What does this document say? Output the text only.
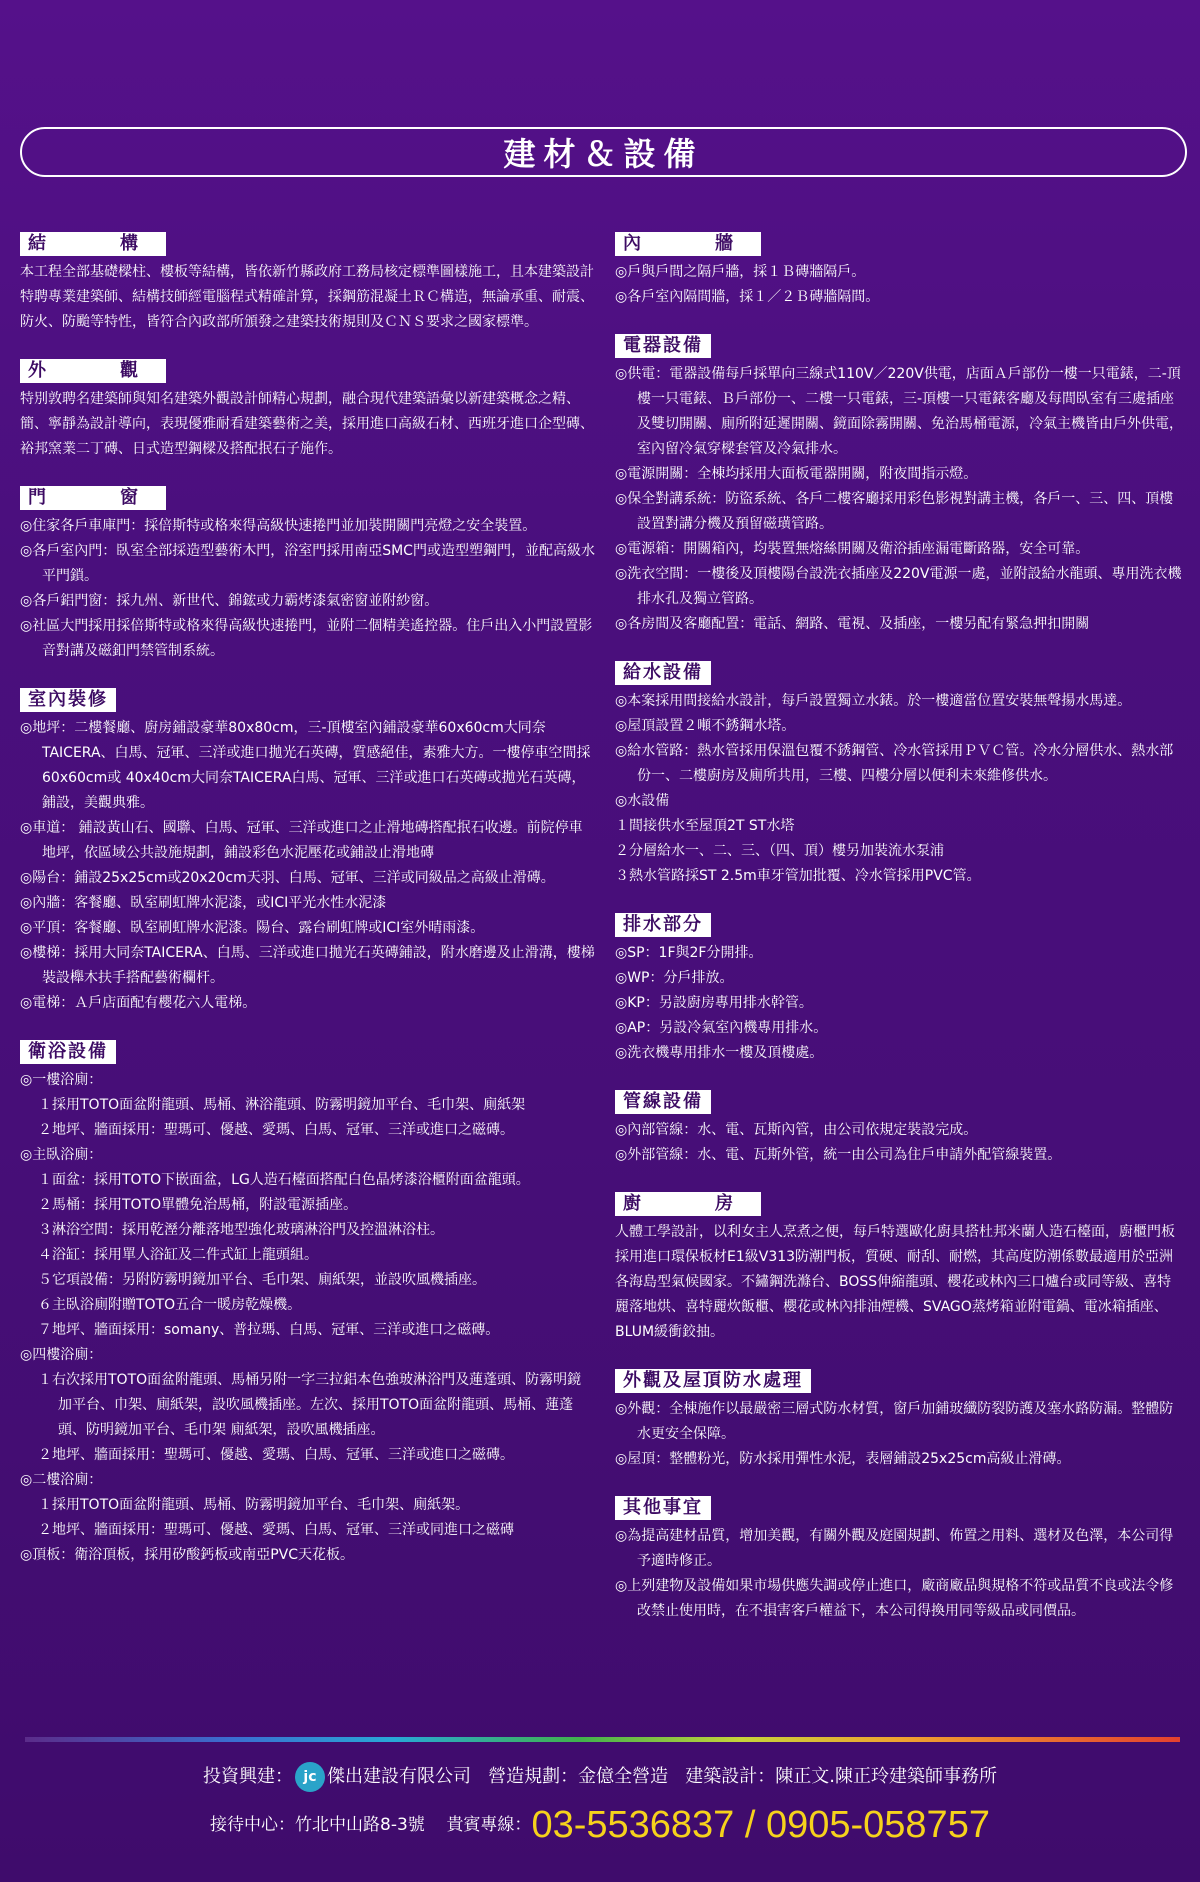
建材＆設備
結　構

本工程全部基礎樑柱、樓板等結構，皆依新竹縣政府工務局核定標準圖樣施工，且本建築設計特聘專業建築師、結構技師經電腦程式精確計算，採鋼筋混凝土ＲＣ構造，無論承重、耐震、防火、防颱等特性，皆符合內政部所頒發之建築技術規則及ＣＮＳ要求之國家標準。

外　觀

特別敦聘名建築師與知名建築外觀設計師精心規劃，融合現代建築語彙以新建築概念之精、簡、寧靜為設計導向，表現優雅耐看建築藝術之美，採用進口高級石材、西班牙進口企型磚、裕邦窯業二丁磚、日式造型鋼樑及搭配抿石子施作。

門　窗

◎住家各戶車庫門：採倍斯特或格來得高級快速捲門並加裝開關門亮燈之安全裝置。

◎各戶室內門：臥室全部採造型藝術木門，浴室門採用南亞SMC門或造型塑鋼門，並配高級水平門鎖。

◎各戶鋁門窗：採九州、新世代、錦鋐或力霸烤漆氣密窗並附紗窗。

◎社區大門採用採倍斯特或格來得高級快速捲門，並附二個精美遙控器。住戶出入小門設置影音對講及磁釦門禁管制系統。

室內裝修

◎地坪：二樓餐廳、廚房鋪設豪華80x80cm，三-頂樓室內鋪設豪華60x60cm大同奈TAICERA、白馬、冠軍、三洋或進口拋光石英磚，質感絕佳，素雅大方。一樓停車空間採60x60cm或 40x40cm大同奈TAICERA白馬、冠軍、三洋或進口石英磚或拋光石英磚，鋪設，美觀典雅。

◎車道： 鋪設黃山石、國聯、白馬、冠軍、三洋或進口之止滑地磚搭配抿石收邊。前院停車地坪，依區域公共設施規劃，鋪設彩色水泥壓花或鋪設止滑地磚

◎陽台：鋪設25x25cm或20x20cm天羽、白馬、冠軍、三洋或同級品之高級止滑磚。

◎內牆：客餐廳、臥室刷虹牌水泥漆，或ICI平光水性水泥漆

◎平頂：客餐廳、臥室刷虹牌水泥漆。陽台、露台刷虹牌或ICI室外晴雨漆。

◎樓梯：採用大同奈TAICERA、白馬、三洋或進口拋光石英磚鋪設，附水磨邊及止滑溝，樓梯裝設櫸木扶手搭配藝術欄杆。

◎電梯：Ａ戶店面配有櫻花六人電梯。

衛浴設備

◎一樓浴廁：

１採用TOTO面盆附龍頭、馬桶、淋浴龍頭、防霧明鏡加平台、毛巾架、廁紙架

２地坪、牆面採用：聖瑪可、優越、愛瑪、白馬、冠軍、三洋或進口之磁磚。

◎主臥浴廁：

１面盆：採用TOTO下嵌面盆，LG人造石檯面搭配白色晶烤漆浴櫃附面盆龍頭。

２馬桶：採用TOTO單體免治馬桶，附設電源插座。

３淋浴空間：採用乾溼分離落地型強化玻璃淋浴門及控溫淋浴柱。

４浴缸：採用單人浴缸及二件式缸上龍頭組。

５它項設備：另附防霧明鏡加平台、毛巾架、廁紙架，並設吹風機插座。

６主臥浴廁附贈TOTO五合一暖房乾燥機。

７地坪、牆面採用：somany、普拉瑪、白馬、冠軍、三洋或進口之磁磚。

◎四樓浴廁：

１右次採用TOTO面盆附龍頭、馬桶另附一字三拉鋁本色強玻淋浴門及蓮蓬頭、防霧明鏡加平台、巾架、廁紙架，設吹風機插座。左次、採用TOTO面盆附龍頭、馬桶、蓮蓬頭、防明鏡加平台、毛巾架 廁紙架，設吹風機插座。

２地坪、牆面採用：聖瑪可、優越、愛瑪、白馬、冠軍、三洋或進口之磁磚。

◎二樓浴廁：

１採用TOTO面盆附龍頭、馬桶、防霧明鏡加平台、毛巾架、廁紙架。

２地坪、牆面採用：聖瑪可、優越、愛瑪、白馬、冠軍、三洋或同進口之磁磚

◎頂板：衛浴頂板，採用矽酸鈣板或南亞PVC天花板。

內　牆

◎戶與戶間之隔戶牆，採１Ｂ磚牆隔戶。

◎各戶室內隔間牆，採１／２Ｂ磚牆隔間。

電器設備

◎供電：電器設備每戶採單向三線式110V／220V供電，店面Ａ戶部份一樓一只電錶，二-頂樓一只電錶、Ｂ戶部份一、二樓一只電錶，三-頂樓一只電錶客廳及每間臥室有三處插座及雙切開關、廁所附延遲開關、鏡面除霧開關、免治馬桶電源，冷氣主機皆由戶外供電，室內留冷氣穿樑套管及冷氣排水。

◎電源開關：全棟均採用大面板電器開關，附夜間指示燈。

◎保全對講系統：防盜系統、各戶二樓客廳採用彩色影視對講主機，各戶一、三、四、頂樓設置對講分機及預留磁璜管路。

◎電源箱：開關箱內，均裝置無熔絲開關及衛浴插座漏電斷路器，安全可靠。

◎洗衣空間：一樓後及頂樓陽台設洗衣插座及220V電源一處，並附設給水龍頭、專用洗衣機排水孔及獨立管路。

◎各房間及客廳配置：電話、網路、電視、及插座，一樓另配有緊急押扣開關

給水設備

◎本案採用間接給水設計，每戶設置獨立水錶。於一樓適當位置安裝無聲揚水馬達。

◎屋頂設置２噸不銹鋼水塔。

◎給水管路：熱水管採用保溫包覆不銹鋼管、冷水管採用ＰＶＣ管。冷水分層供水、熱水部份一、二樓廚房及廁所共用，三樓、四樓分層以便利未來維修供水。

◎水設備

１間接供水至屋頂2T ST水塔

２分層給水一、二、三、（四、頂）樓另加裝流水泵浦

３熱水管路採ST 2.5m車牙管加批覆、冷水管採用PVC管。

排水部分

◎SP：1F與2F分開排。

◎WP：分戶排放。

◎KP：另設廚房專用排水幹管。

◎AP：另設冷氣室內機專用排水。

◎洗衣機專用排水一樓及頂樓處。

管線設備

◎內部管線：水、電、瓦斯內管，由公司依規定裝設完成。

◎外部管線：水、電、瓦斯外管，統一由公司為住戶申請外配管線裝置。

廚　房

人體工學設計，以利女主人烹煮之便，每戶特選歐化廚具搭杜邦米蘭人造石檯面，廚櫃門板採用進口環保板材E1級V313防潮門板，質硬、耐刮、耐燃，其高度防潮係數最適用於亞洲各海島型氣候國家。不鏽鋼洗滌台、BOSS伸縮龍頭、櫻花或林內三口爐台或同等級、喜特麗落地烘、喜特麗炊飯櫃、櫻花或林內排油煙機、SVAGO蒸烤箱並附電鍋、電冰箱插座、BLUM緩衝鉸抽。

外觀及屋頂防水處理

◎外觀：全棟施作以最嚴密三層式防水材質，窗戶加鋪玻纖防裂防護及塞水路防漏。整體防水更安全保障。

◎屋頂：整體粉光，防水採用彈性水泥，表層鋪設25x25cm高級止滑磚。

其他事宜

◎為提高建材品質，增加美觀，有關外觀及庭園規劃、佈置之用料、選材及色澤，本公司得予適時修正。

◎上列建物及設備如果市場供應失調或停止進口，廠商廠品與規格不符或品質不良或法令修改禁止使用時，在不損害客戶權益下，本公司得換用同等級品或同價品。

投資興建： jc 傑出建設有限公司 營造規劃：金億全營造 建築設計：陳正文.陳正玲建築師事務所
接待中心：竹北中山路8-3號 貴賓專線：03-5536837 / 0905-058757
